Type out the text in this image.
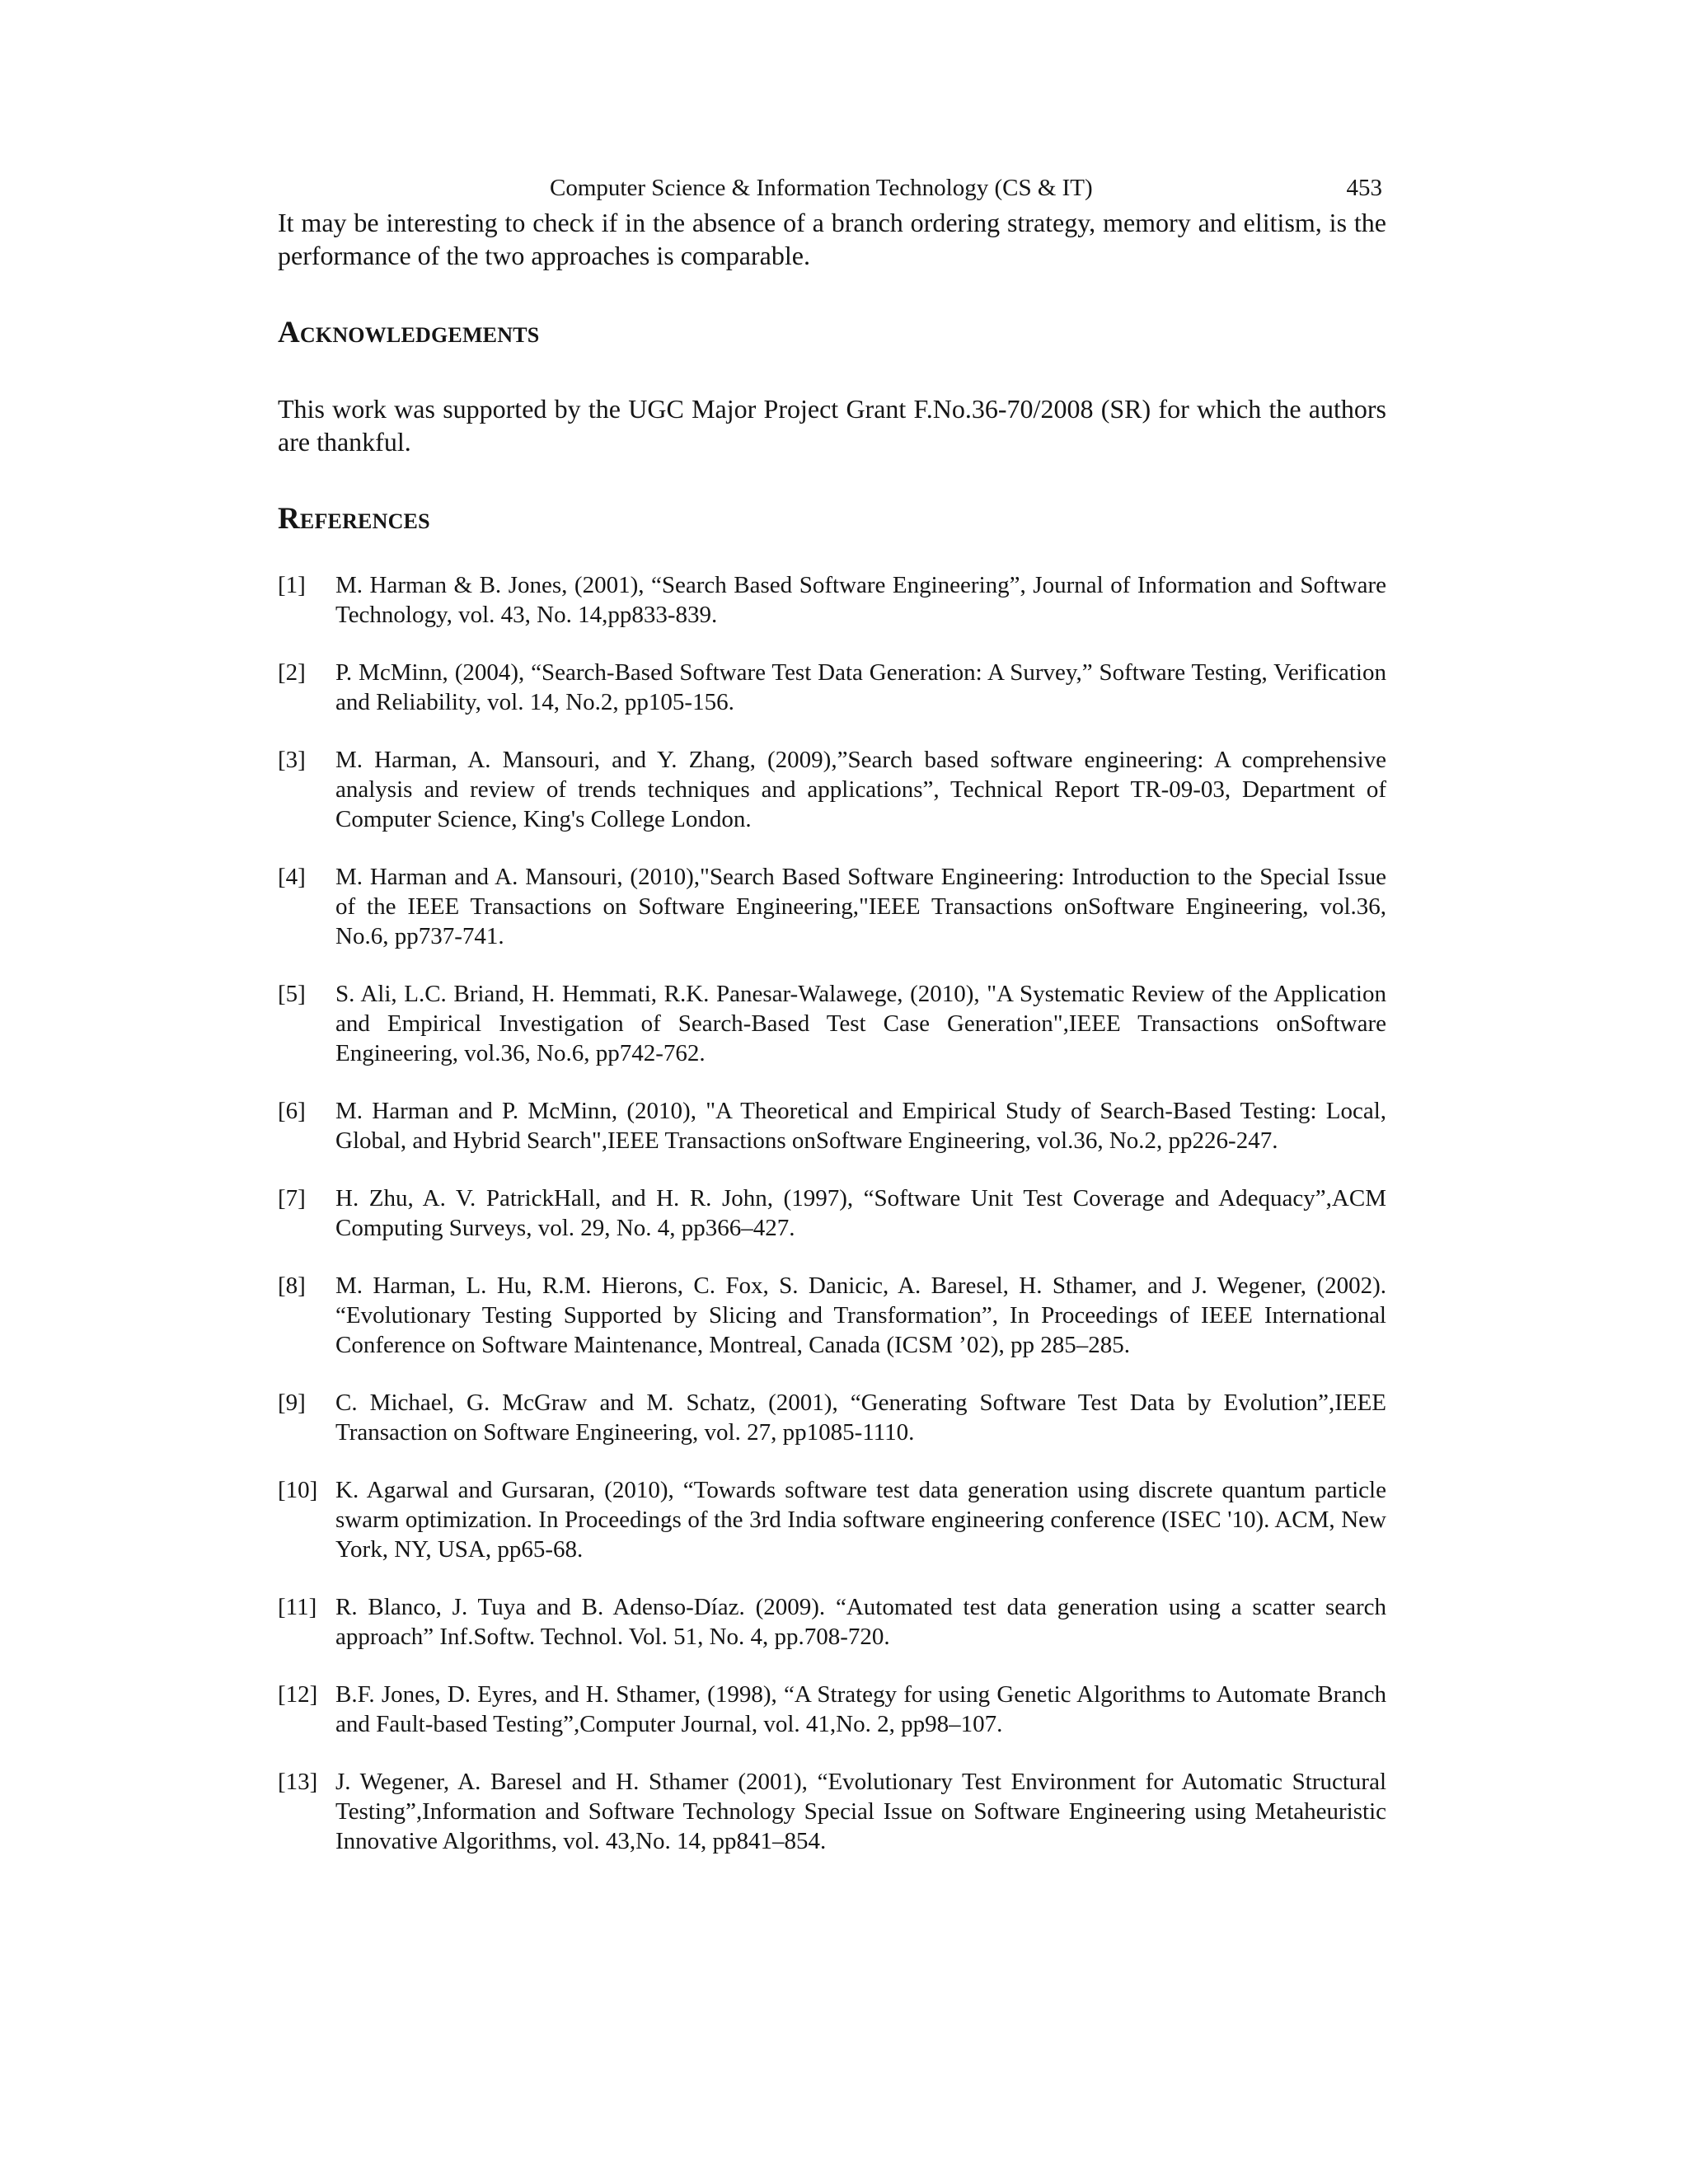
Computer Science & Information Technology (CS & IT)	453

It may be interesting to check if in the absence of a branch ordering strategy, memory and elitism, is the performance of the two approaches is comparable.

Acknowledgements

This work was supported by the UGC Major Project Grant F.No.36-70/2008 (SR) for which the authors are thankful.

References
[1]	M. Harman & B. Jones, (2001), “Search Based Software Engineering”, Journal of Information and Software Technology, vol. 43, No. 14,pp833-839.
[2]	P. McMinn, (2004), “Search-Based Software Test Data Generation: A Survey,” Software Testing, Verification and Reliability, vol. 14, No.2, pp105-156.
[3]	M. Harman, A. Mansouri, and Y. Zhang, (2009),”Search based software engineering: A comprehensive analysis and review of trends techniques and applications”, Technical Report TR-09-03, Department of Computer Science, King's College London.
[4]	M. Harman and A. Mansouri, (2010),"Search Based Software Engineering: Introduction to the Special Issue of the IEEE Transactions on Software Engineering,"IEEE Transactions onSoftware Engineering, vol.36, No.6, pp737-741.
[5]	S. Ali, L.C. Briand, H. Hemmati, R.K. Panesar-Walawege, (2010), "A Systematic Review of the Application and Empirical Investigation of Search-Based Test Case Generation",IEEE Transactions onSoftware Engineering, vol.36, No.6, pp742-762.
[6]	M. Harman and P. McMinn, (2010), "A Theoretical and Empirical Study of Search-Based Testing: Local, Global, and Hybrid Search",IEEE Transactions onSoftware Engineering, vol.36, No.2, pp226-247.
[7]	H. Zhu, A. V. PatrickHall, and H. R. John, (1997), “Software Unit Test Coverage and Adequacy”,ACM Computing Surveys, vol. 29, No. 4, pp366–427.
[8]	M. Harman, L. Hu, R.M. Hierons, C. Fox, S. Danicic, A. Baresel, H. Sthamer, and J. Wegener, (2002). “Evolutionary Testing Supported by Slicing and Transformation”, In Proceedings of IEEE International Conference on Software Maintenance, Montreal, Canada (ICSM ’02), pp 285–285.
[9]	C. Michael, G. McGraw and M. Schatz, (2001), “Generating Software Test Data by Evolution”,IEEE Transaction on Software Engineering, vol. 27, pp1085-1110.
[10] K. Agarwal and Gursaran, (2010), “Towards software test data generation using discrete quantum particle swarm optimization. In Proceedings of the 3rd India software engineering conference (ISEC '10). ACM, New York, NY, USA, pp65-68.
[11] R. Blanco, J. Tuya and B. Adenso-Díaz. (2009). “Automated test data generation using a scatter search approach” Inf.Softw. Technol. Vol. 51, No. 4, pp.708-720.
[12] B.F. Jones, D. Eyres, and H. Sthamer, (1998), “A Strategy for using Genetic Algorithms to Automate Branch and Fault-based Testing”,Computer Journal, vol. 41,No. 2, pp98–107.
[13] J. Wegener, A. Baresel and H. Sthamer (2001), “Evolutionary Test Environment for Automatic Structural Testing”,Information and Software Technology Special Issue on Software Engineering using Metaheuristic Innovative Algorithms, vol. 43,No. 14, pp841–854.
